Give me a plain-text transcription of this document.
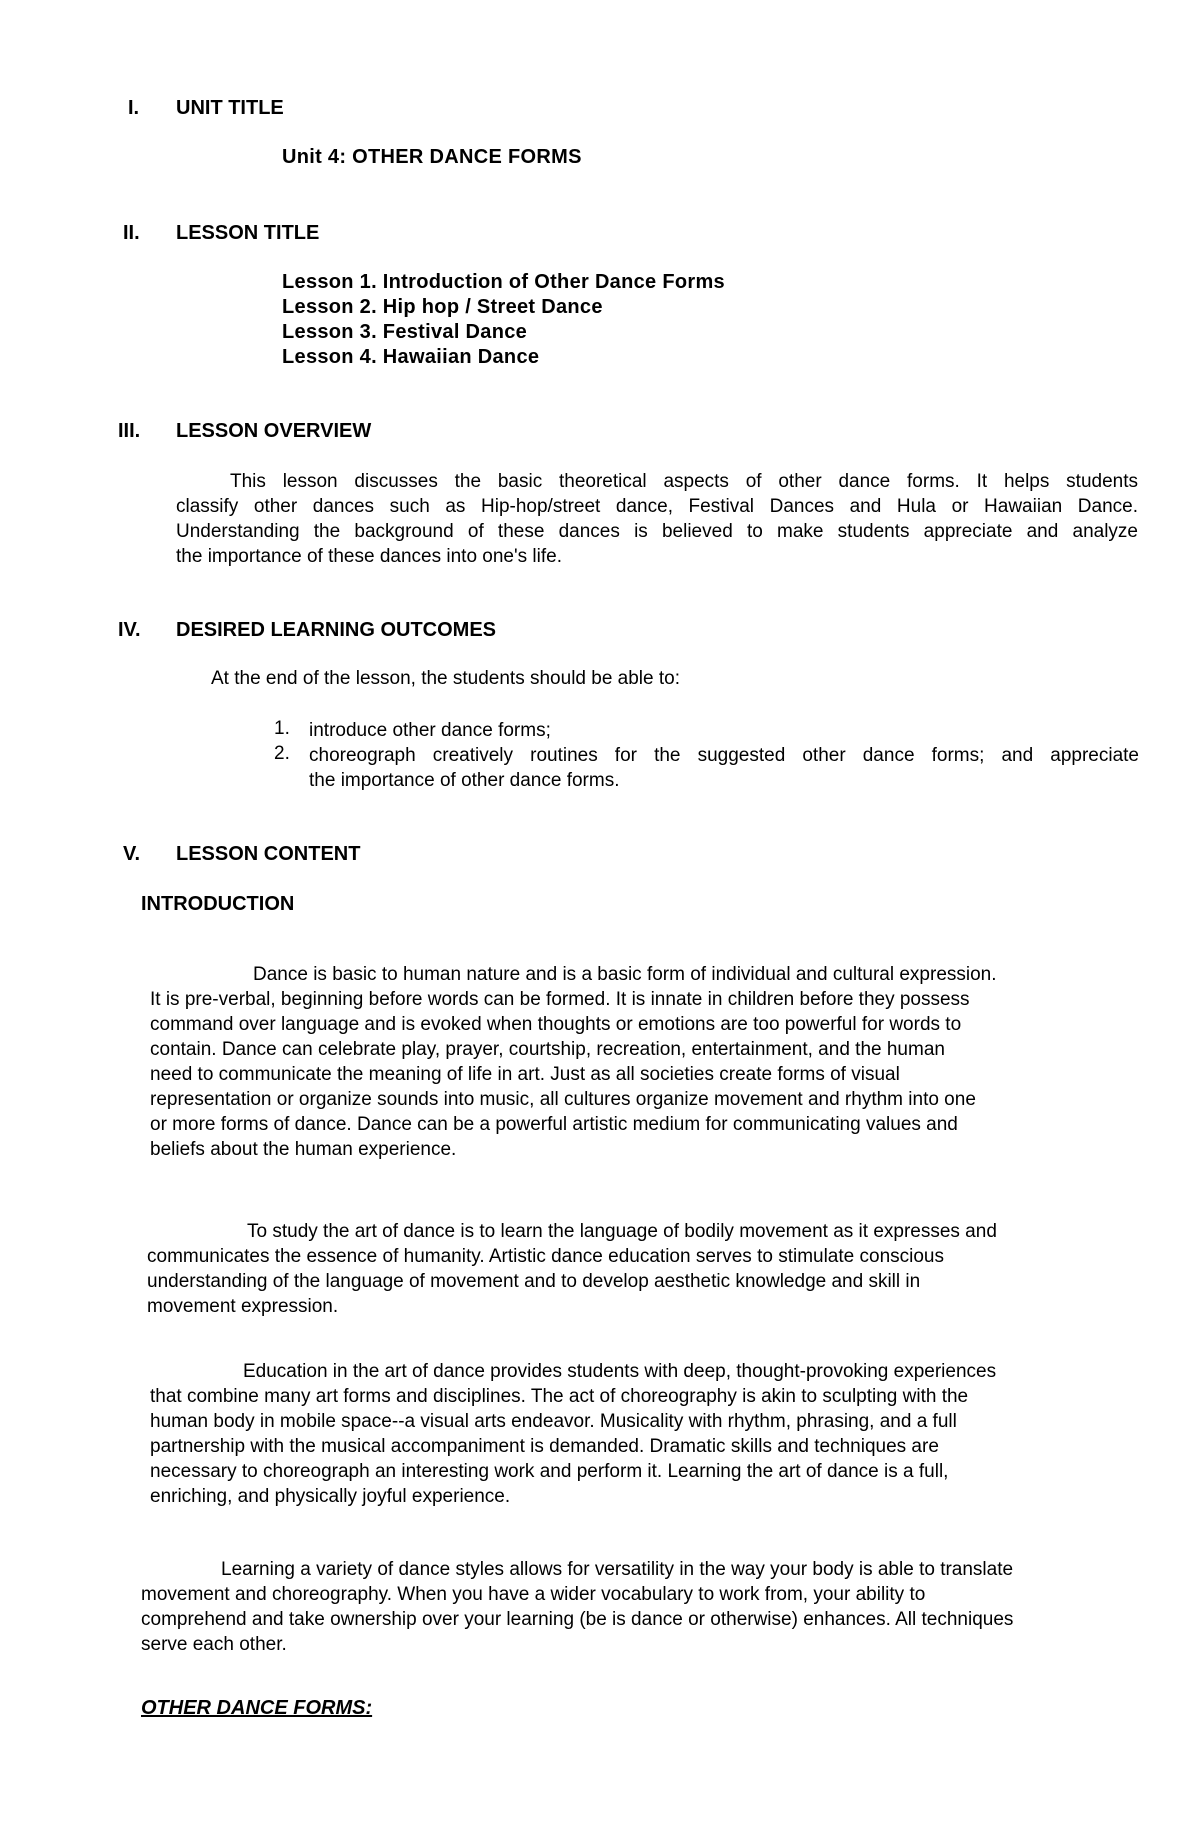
I. UNIT TITLE
Unit 4: OTHER DANCE FORMS
II. LESSON TITLE
Lesson 1. Introduction of Other Dance Forms
Lesson 2. Hip hop / Street Dance
Lesson 3. Festival Dance
Lesson 4. Hawaiian Dance
III. LESSON OVERVIEW
This lesson discusses the basic theoretical aspects of other dance forms. It helps students
classify other dances such as Hip-hop/street dance, Festival Dances and Hula or Hawaiian Dance.
Understanding the background of these dances is believed to make students appreciate and analyze
the importance of these dances into one's life.
IV. DESIRED LEARNING OUTCOMES
At the end of the lesson, the students should be able to:
1. introduce other dance forms;
2. choreograph creatively routines for the suggested other dance forms; and appreciate
the importance of other dance forms.
V. LESSON CONTENT
INTRODUCTION
Dance is basic to human nature and is a basic form of individual and cultural expression.
It is pre-verbal, beginning before words can be formed. It is innate in children before they possess
command over language and is evoked when thoughts or emotions are too powerful for words to
contain. Dance can celebrate play, prayer, courtship, recreation, entertainment, and the human
need to communicate the meaning of life in art. Just as all societies create forms of visual
representation or organize sounds into music, all cultures organize movement and rhythm into one
or more forms of dance. Dance can be a powerful artistic medium for communicating values and
beliefs about the human experience.
To study the art of dance is to learn the language of bodily movement as it expresses and
communicates the essence of humanity. Artistic dance education serves to stimulate conscious
understanding of the language of movement and to develop aesthetic knowledge and skill in
movement expression.
Education in the art of dance provides students with deep, thought-provoking experiences
that combine many art forms and disciplines. The act of choreography is akin to sculpting with the
human body in mobile space--a visual arts endeavor. Musicality with rhythm, phrasing, and a full
partnership with the musical accompaniment is demanded. Dramatic skills and techniques are
necessary to choreograph an interesting work and perform it. Learning the art of dance is a full,
enriching, and physically joyful experience.
Learning a variety of dance styles allows for versatility in the way your body is able to translate
movement and choreography. When you have a wider vocabulary to work from, your ability to
comprehend and take ownership over your learning (be is dance or otherwise) enhances. All techniques
serve each other.
OTHER DANCE FORMS:
